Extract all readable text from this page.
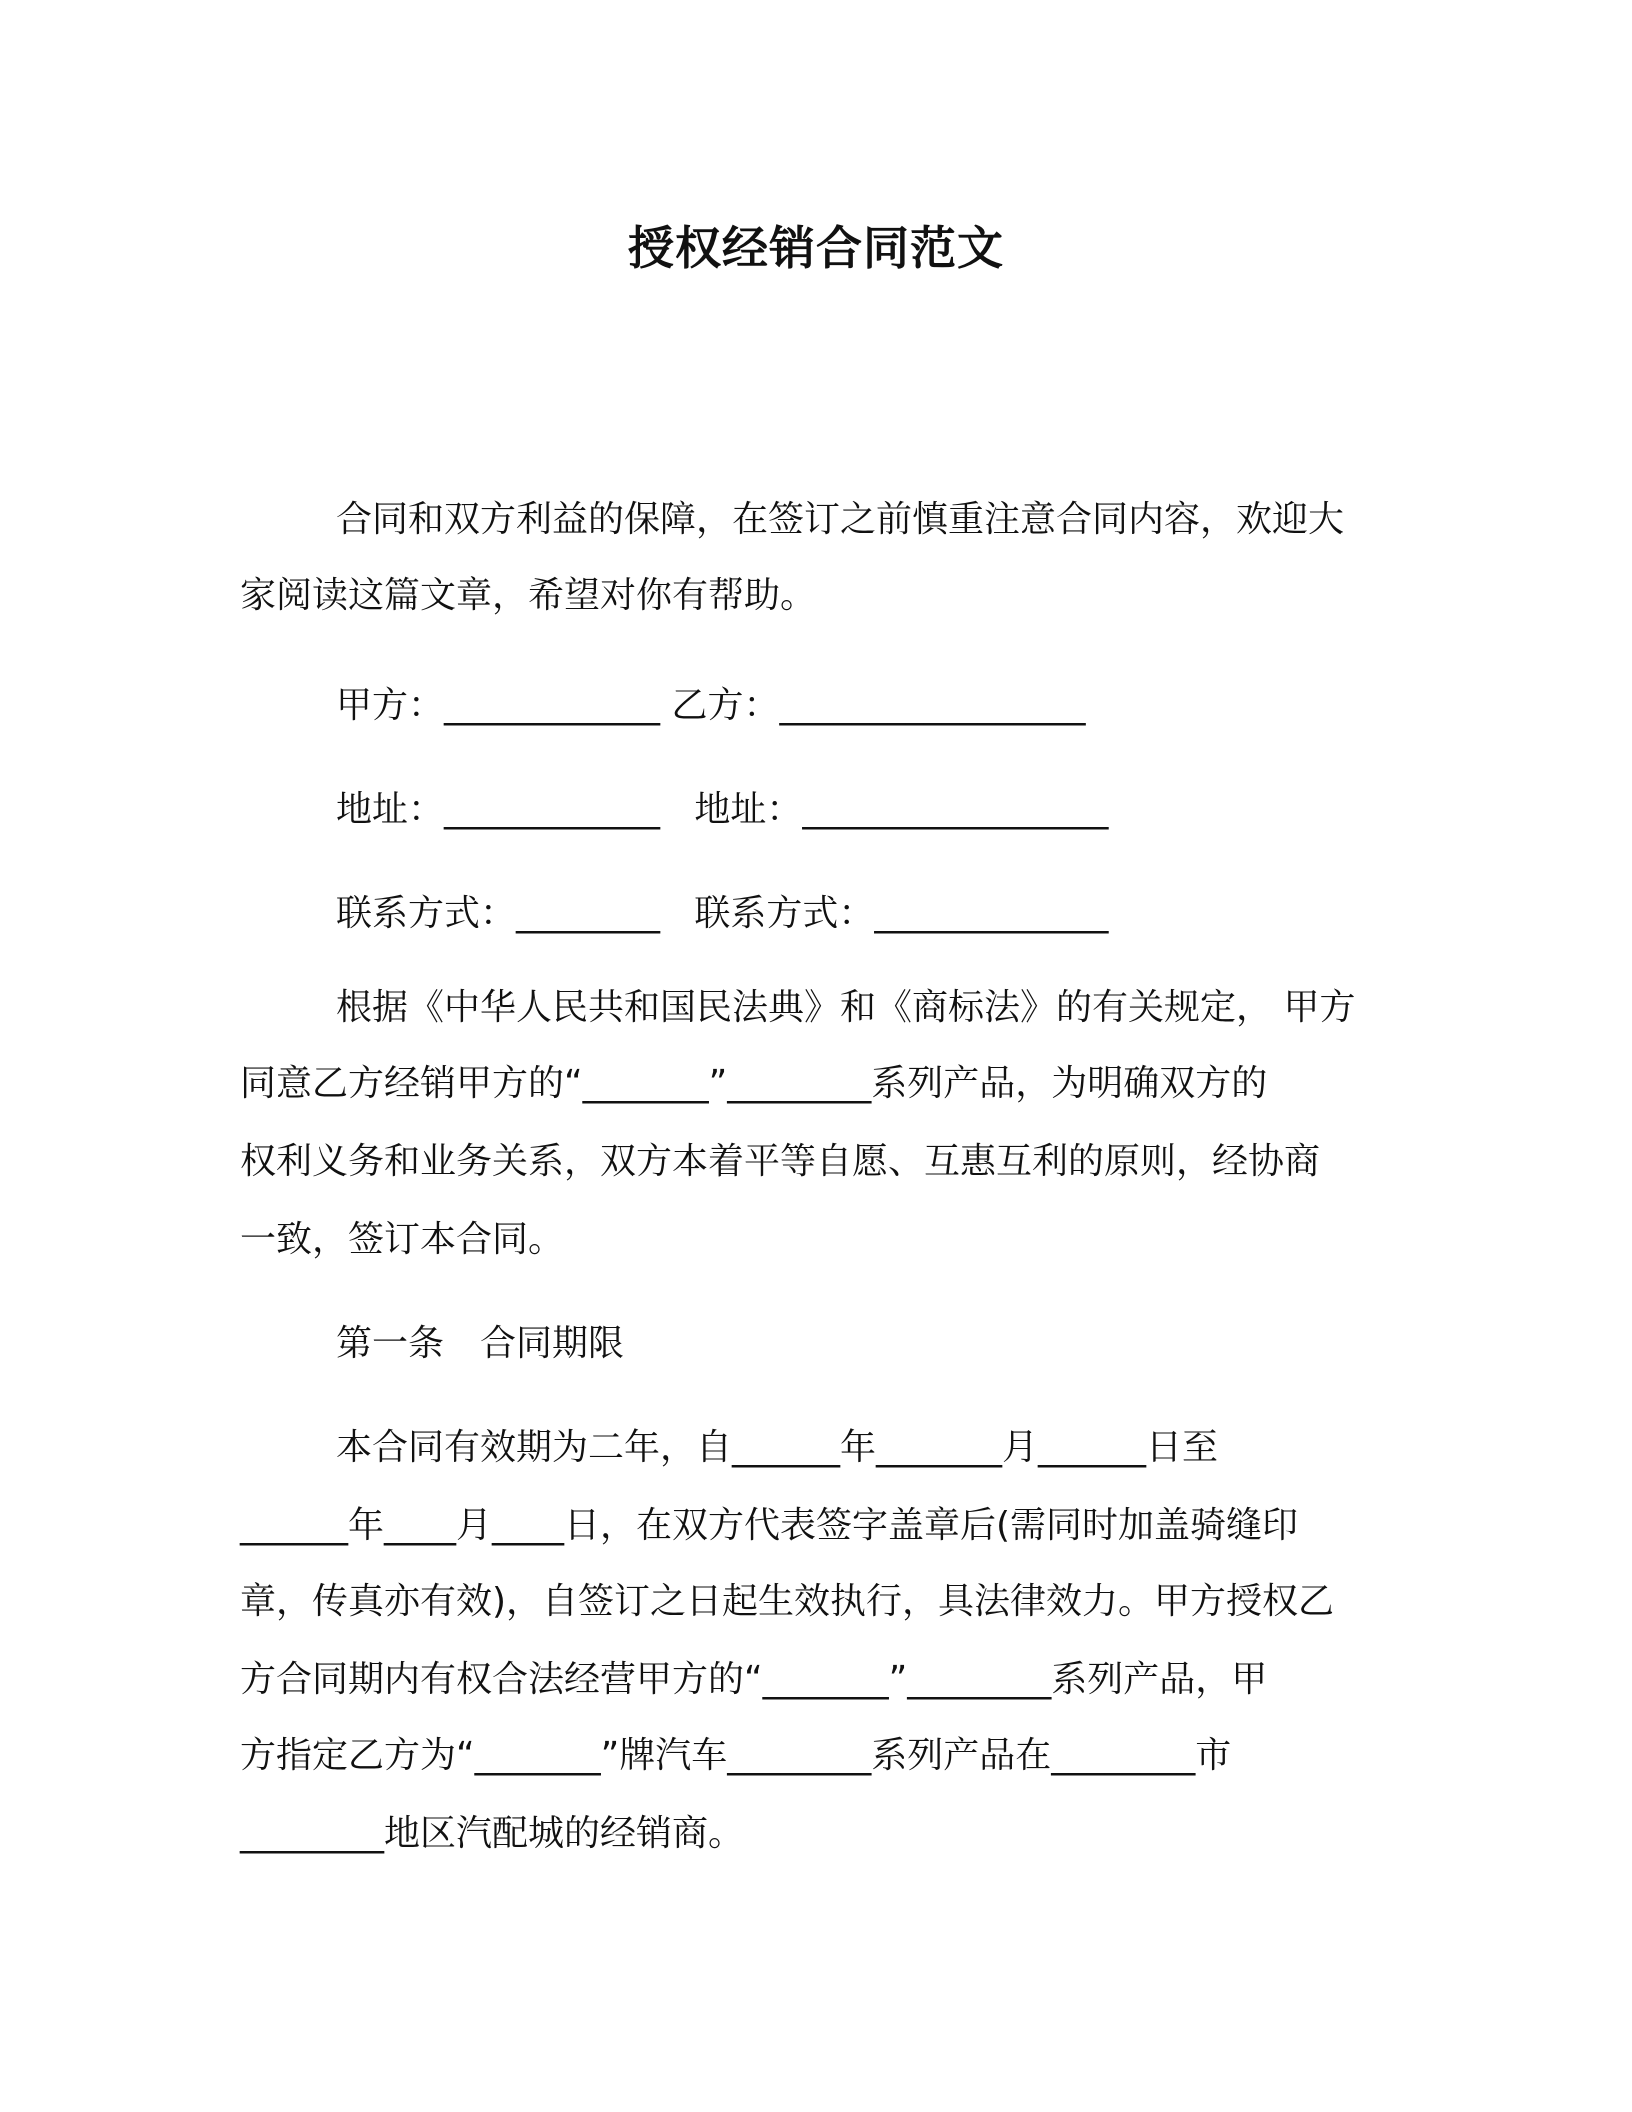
授权经销合同范文
合同和双方利益的保障，在签订之前慎重注意合同内容，欢迎大
家阅读这篇文章，希望对你有帮助。
甲方：____________ 乙方：_________________
地址：____________   地址：_________________
联系方式：________   联系方式：_____________
根据《中华人民共和国民法典》和《商标法》的有关规定， 甲方
同意乙方经销甲方的“_______”________系列产品，为明确双方的
权利义务和业务关系，双方本着平等自愿、互惠互利的原则，经协商
一致，签订本合同。
第一条　合同期限
本合同有效期为二年，自______年_______月______日至
______年____月____日，在双方代表签字盖章后(需同时加盖骑缝印
章，传真亦有效)，自签订之日起生效执行，具法律效力。甲方授权乙
方合同期内有权合法经营甲方的“_______”________系列产品，甲
方指定乙方为“_______”牌汽车________系列产品在________市
________地区汽配城的经销商。
